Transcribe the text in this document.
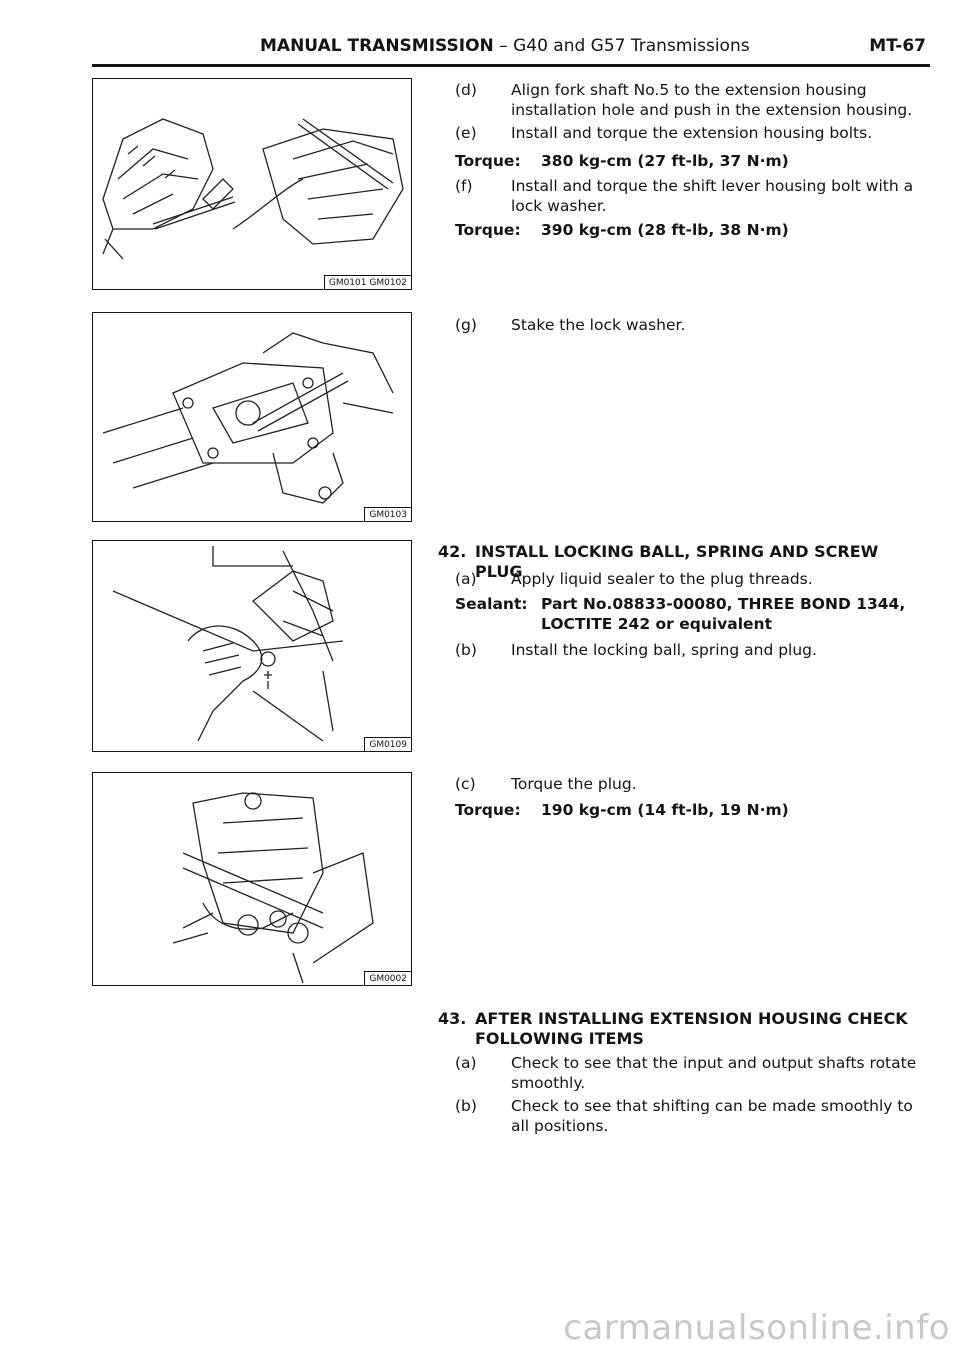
MANUAL TRANSMISSION – G40 and G57 Transmissions	MT-67
GM0101 GM0102
GM0103
GM0109
GM0002
(d) Align fork shaft No.5 to the extension housing installation hole and push in the extension housing.
(e) Install and torque the extension housing bolts.
Torque: 380 kg-cm (27 ft-lb, 37 N·m)
(f) Install and torque the shift lever housing bolt with a lock washer.
Torque: 390 kg-cm (28 ft-lb, 38 N·m)
(g) Stake the lock washer.
42. INSTALL LOCKING BALL, SPRING AND SCREW PLUG
(a) Apply liquid sealer to the plug threads.
Sealant: Part No.08833-00080, THREE BOND 1344, LOCTITE 242 or equivalent
(b) Install the locking ball, spring and plug.
(c) Torque the plug.
Torque: 190 kg-cm (14 ft-lb, 19 N·m)
43. AFTER INSTALLING EXTENSION HOUSING CHECK FOLLOWING ITEMS
(a) Check to see that the input and output shafts rotate smoothly.
(b) Check to see that shifting can be made smoothly to all positions.
carmanualsonline.info
